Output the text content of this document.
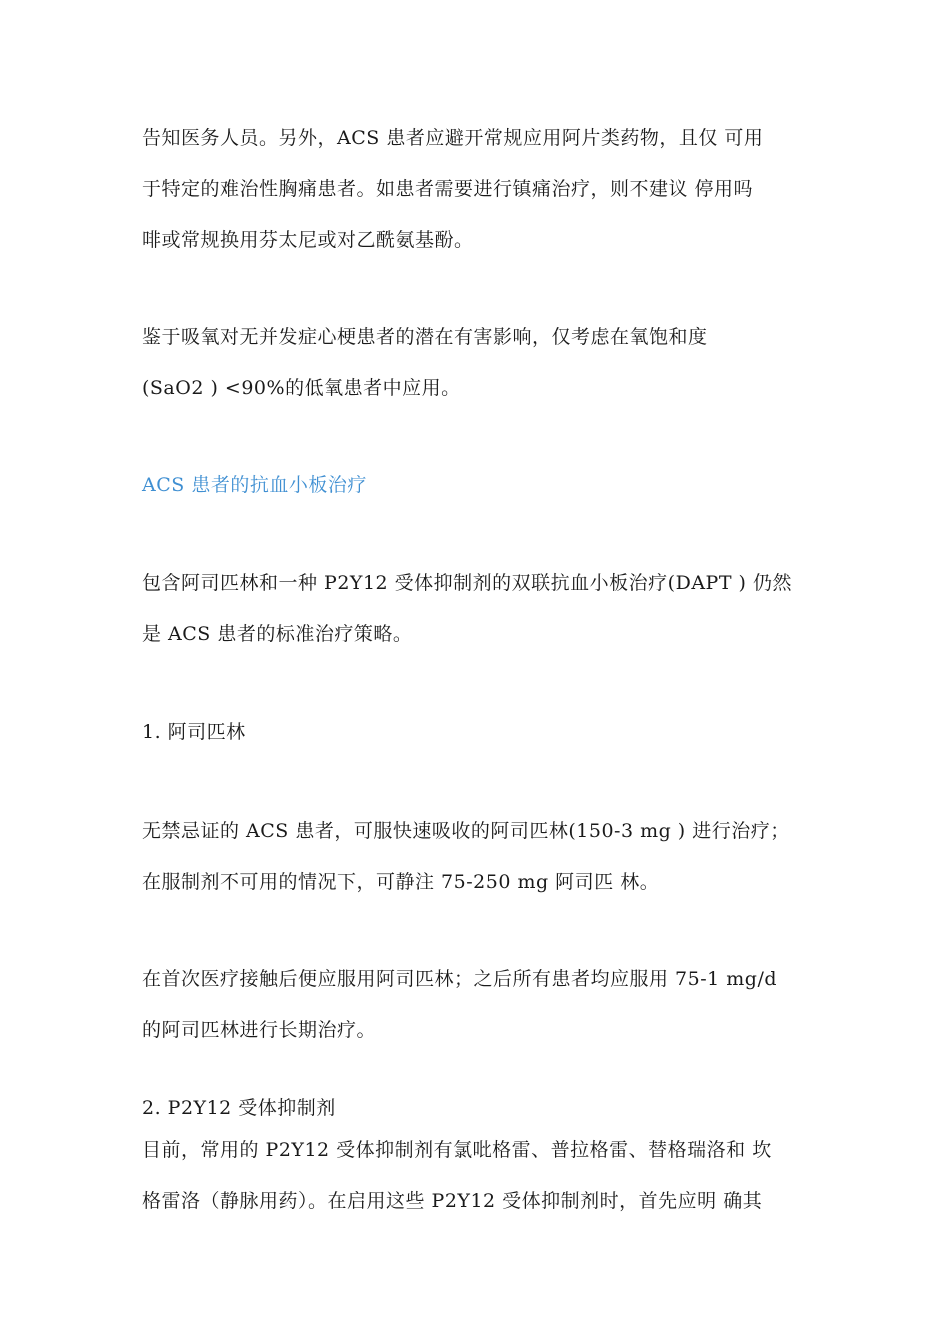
告知医务人员。另外，ACS 患者应避开常规应用阿片类药物，且仅 可用
于特定的难治性胸痛患者。如患者需要进行镇痛治疗，则不建议 停用吗
啡或常规换用芬太尼或对乙酰氨基酚。
鉴于吸氧对无并发症心梗患者的潜在有害影响，仅考虑在氧饱和度
(SaO2 ) <90%的低氧患者中应用。
ACS 患者的抗血小板治疗
包含阿司匹林和一种 P2Y12 受体抑制剂的双联抗血小板治疗(DAPT ) 仍然
是 ACS 患者的标准治疗策略。
1. 阿司匹林
无禁忌证的 ACS 患者，可服快速吸收的阿司匹林(150-3 mg ) 进行治疗；
在服制剂不可用的情况下，可静注 75-250 mg 阿司匹 林。
在首次医疗接触后便应服用阿司匹林；之后所有患者均应服用 75-1 mg/d
的阿司匹林进行长期治疗。
2. P2Y12 受体抑制剂
目前，常用的 P2Y12 受体抑制剂有氯吡格雷、普拉格雷、替格瑞洛和 坎
格雷洛（静脉用药）。在启用这些 P2Y12 受体抑制剂时，首先应明 确其
